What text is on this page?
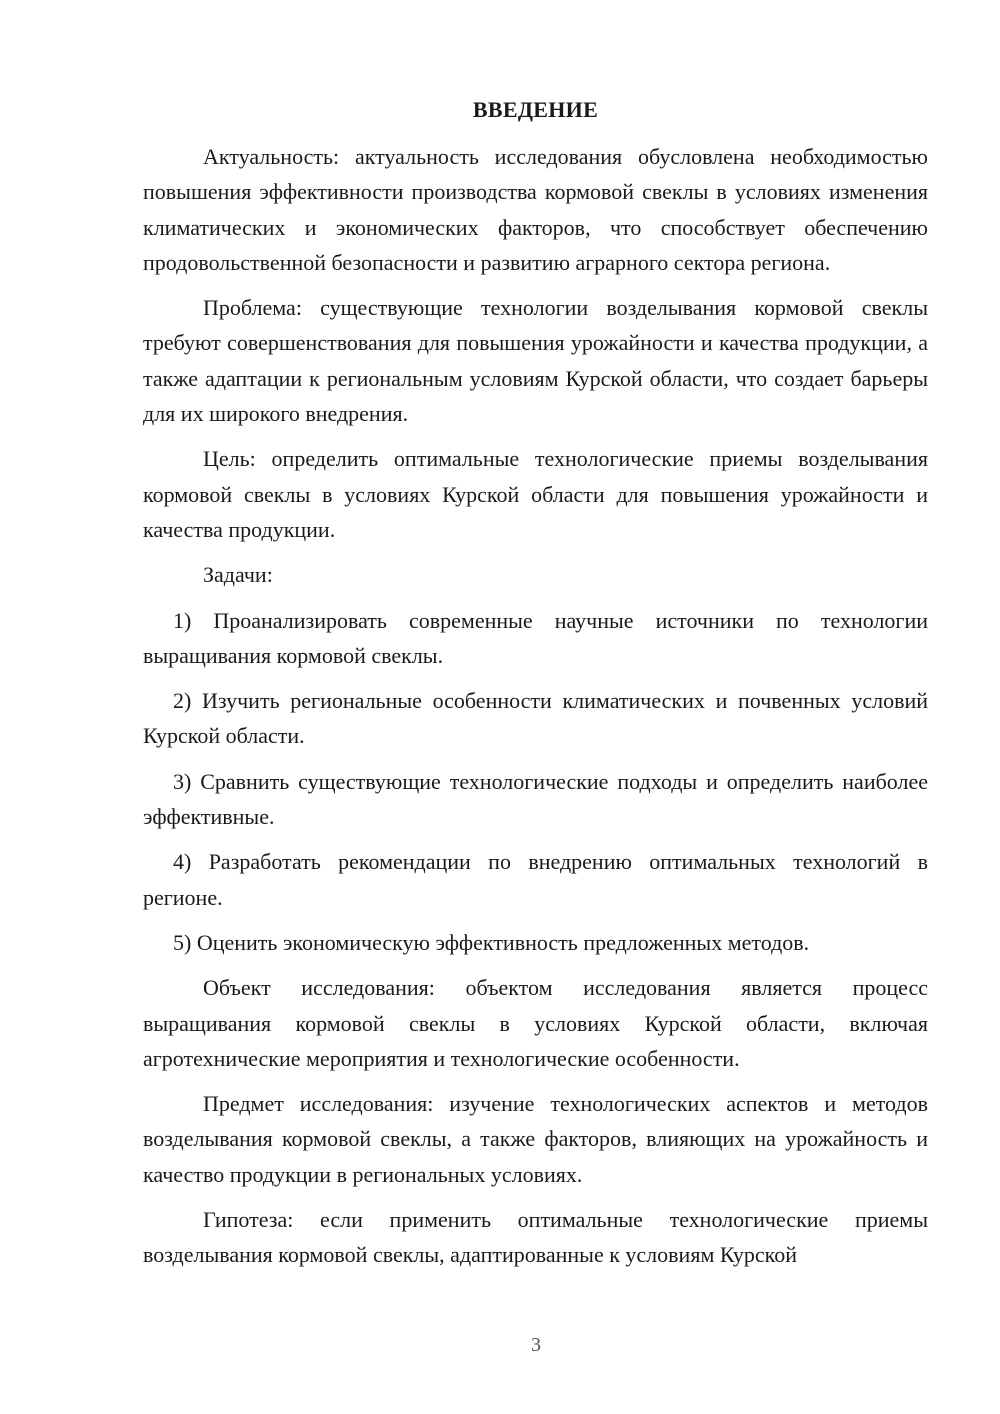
ВВЕДЕНИЕ

Актуальность: актуальность исследования обусловлена необходимостью повышения эффективности производства кормовой свеклы в условиях изменения климатических и экономических факторов, что способствует обеспечению продовольственной безопасности и развитию аграрного сектора региона.

Проблема: существующие технологии возделывания кормовой свеклы требуют совершенствования для повышения урожайности и качества продукции, а также адаптации к региональным условиям Курской области, что создает барьеры для их широкого внедрения.

Цель: определить оптимальные технологические приемы возделывания кормовой свеклы в условиях Курской области для повышения урожайности и качества продукции.

Задачи:

1) Проанализировать современные научные источники по технологии выращивания кормовой свеклы.

2) Изучить региональные особенности климатических и почвенных условий Курской области.

3) Сравнить существующие технологические подходы и определить наиболее эффективные.

4) Разработать рекомендации по внедрению оптимальных технологий в регионе.

5) Оценить экономическую эффективность предложенных методов.

Объект исследования: объектом исследования является процесс выращивания кормовой свеклы в условиях Курской области, включая агротехнические мероприятия и технологические особенности.

Предмет исследования: изучение технологических аспектов и методов возделывания кормовой свеклы, а также факторов, влияющих на урожайность и качество продукции в региональных условиях.

Гипотеза: если применить оптимальные технологические приемы возделывания кормовой свеклы, адаптированные к условиям Курской

3
